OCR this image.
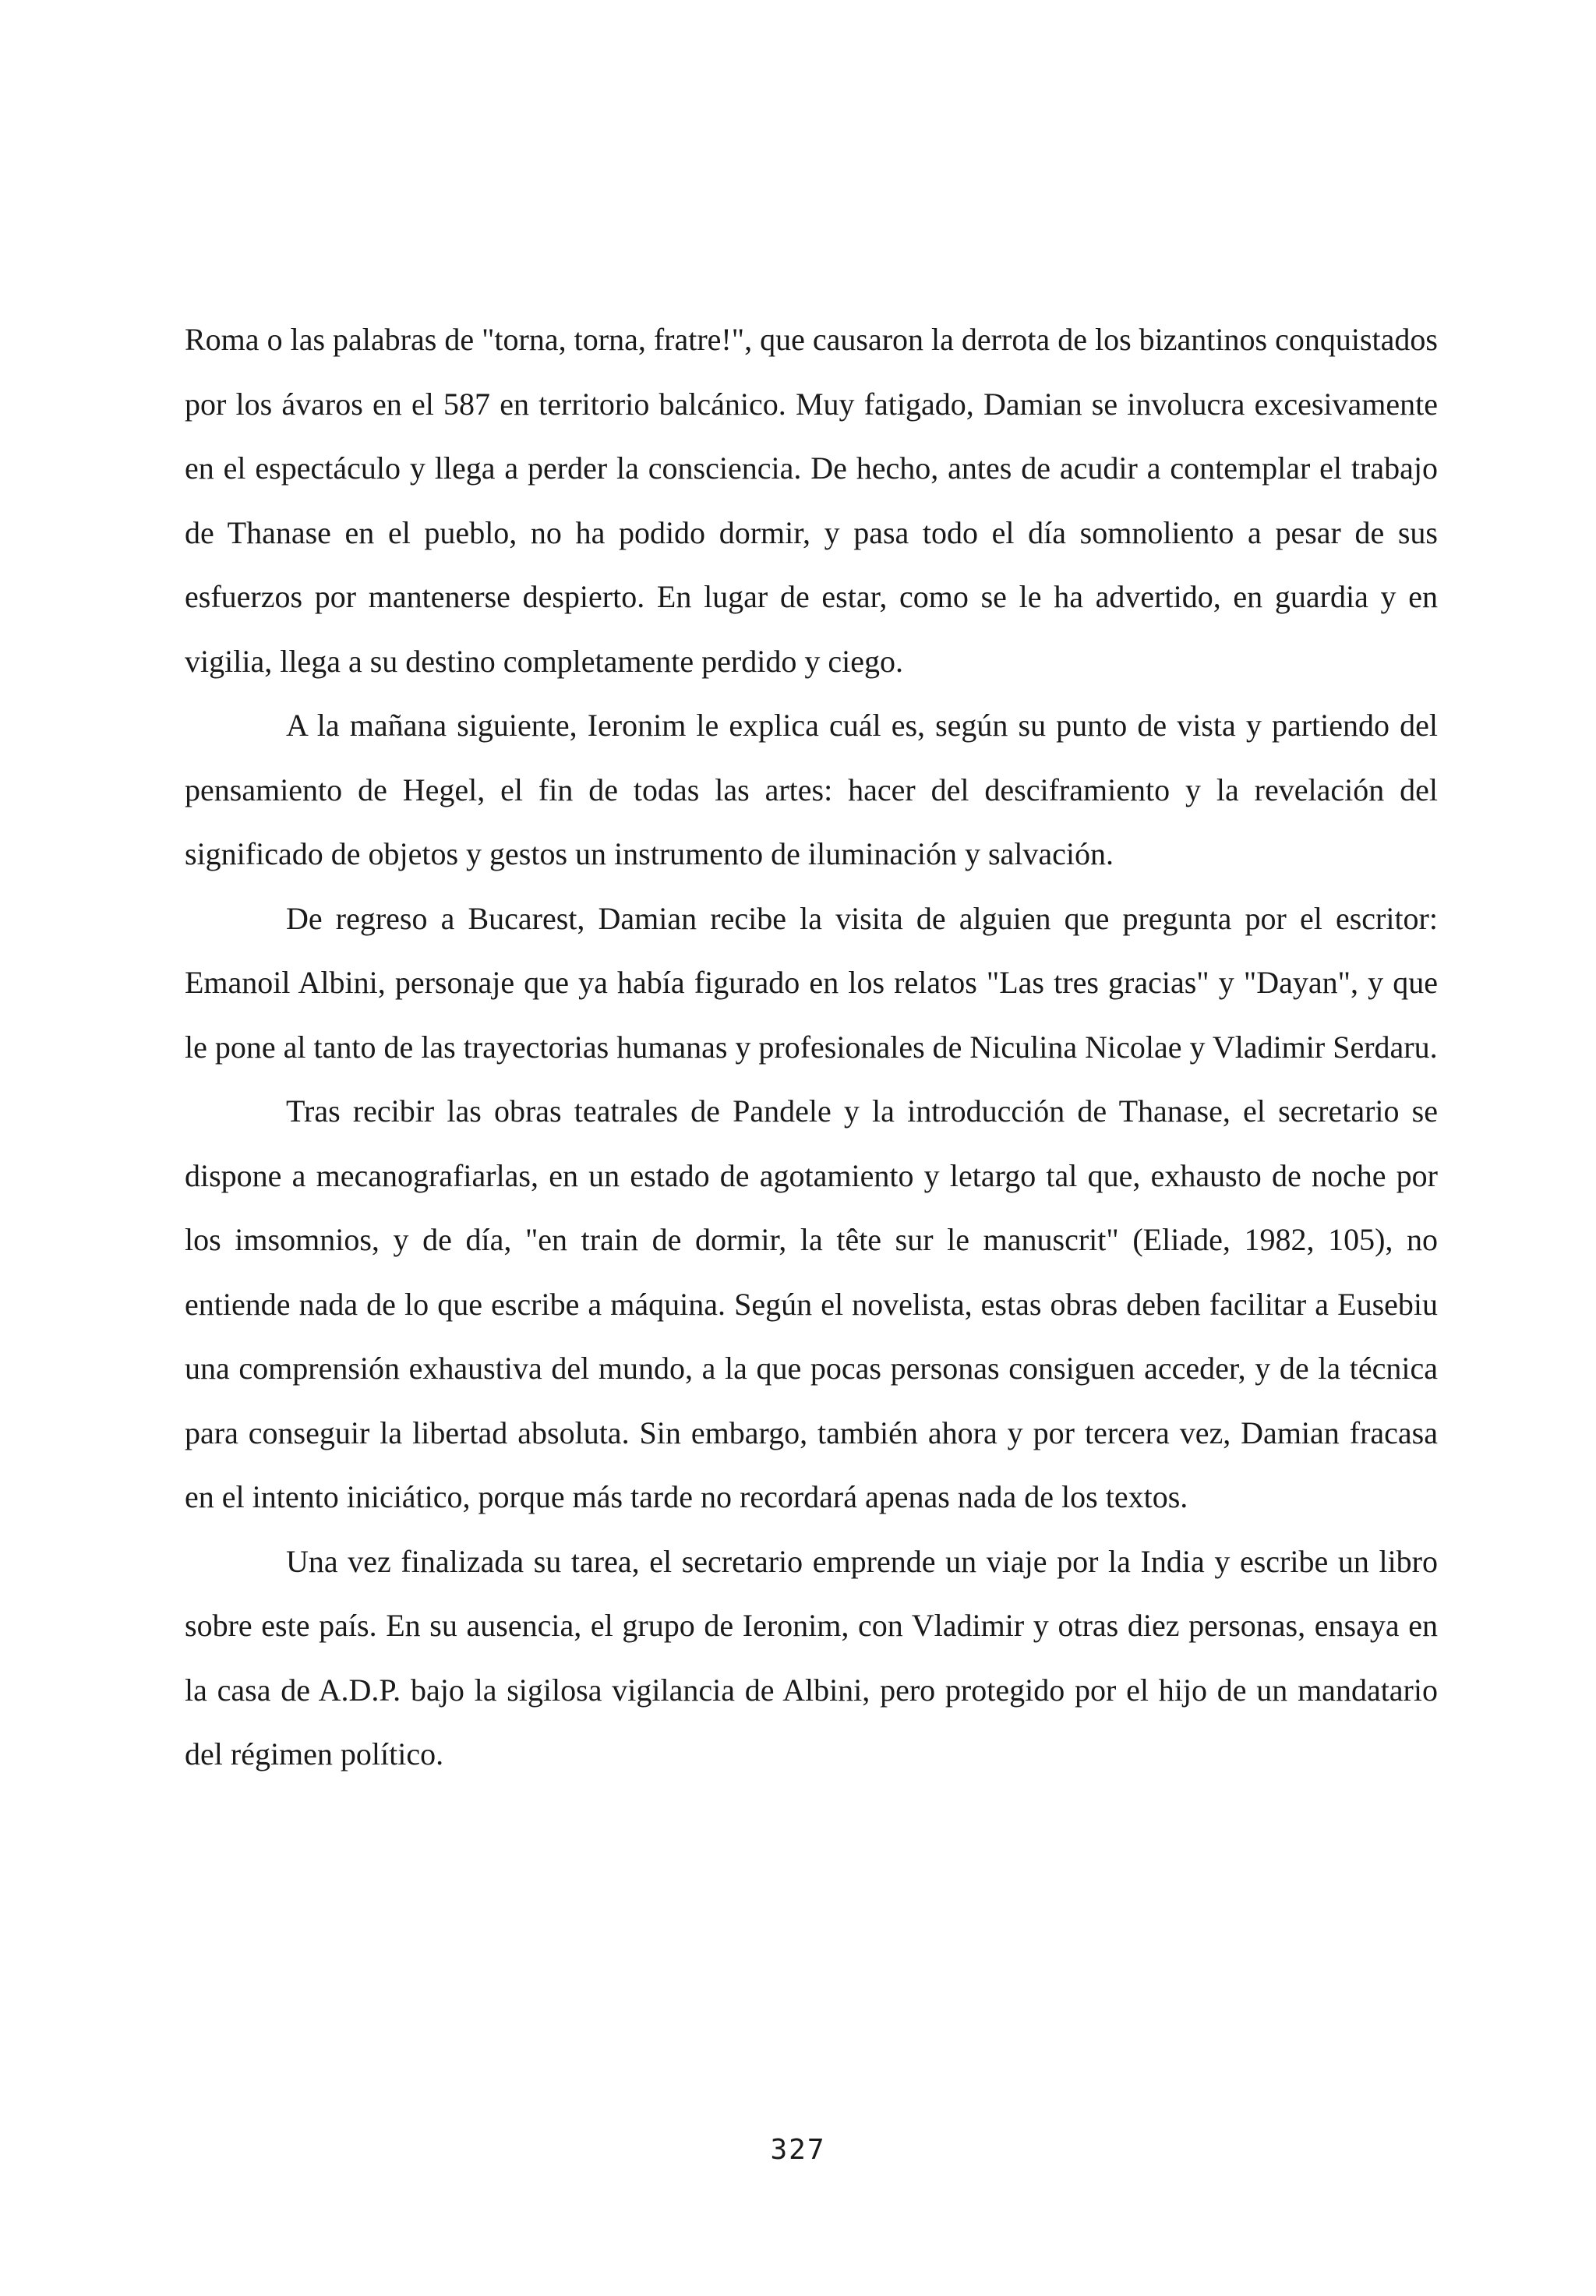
Roma o las palabras de "torna, torna, fratre!", que causaron la derrota de los bizantinos conquistados por los ávaros en el 587 en territorio balcánico. Muy fatigado, Damian se involucra excesivamente en el espectáculo y llega a perder la consciencia. De hecho, antes de acudir a contemplar el trabajo de Thanase en el pueblo, no ha podido dormir, y pasa todo el día somnoliento a pesar de sus esfuerzos por mantenerse despierto. En lugar de estar, como se le ha advertido, en guardia y en vigilia, llega a su destino completamente perdido y ciego.

A la mañana siguiente, Ieronim le explica cuál es, según su punto de vista y partiendo del pensamiento de Hegel, el fin de todas las artes: hacer del desciframiento y la revelación del significado de objetos y gestos un instrumento de iluminación y salvación.

De regreso a Bucarest, Damian recibe la visita de alguien que pregunta por el escritor: Emanoil Albini, personaje que ya había figurado en los relatos "Las tres gracias" y "Dayan", y que le pone al tanto de las trayectorias humanas y profesionales de Niculina Nicolae y Vladimir Serdaru.

Tras recibir las obras teatrales de Pandele y la introducción de Thanase, el secretario se dispone a mecanografiarlas, en un estado de agotamiento y letargo tal que, exhausto de noche por los imsomnios, y de día, "en train de dormir, la tête sur le manuscrit" (Eliade, 1982, 105), no entiende nada de lo que escribe a máquina. Según el novelista, estas obras deben facilitar a Eusebiu una comprensión exhaustiva del mundo, a la que pocas personas consiguen acceder, y de la técnica para conseguir la libertad absoluta. Sin embargo, también ahora y por tercera vez, Damian fracasa en el intento iniciático, porque más tarde no recordará apenas nada de los textos.

Una vez finalizada su tarea, el secretario emprende un viaje por la India y escribe un libro sobre este país. En su ausencia, el grupo de Ieronim, con Vladimir y otras diez personas, ensaya en la casa de A.D.P. bajo la sigilosa vigilancia de Albini, pero protegido por el hijo de un mandatario del régimen político.

327
